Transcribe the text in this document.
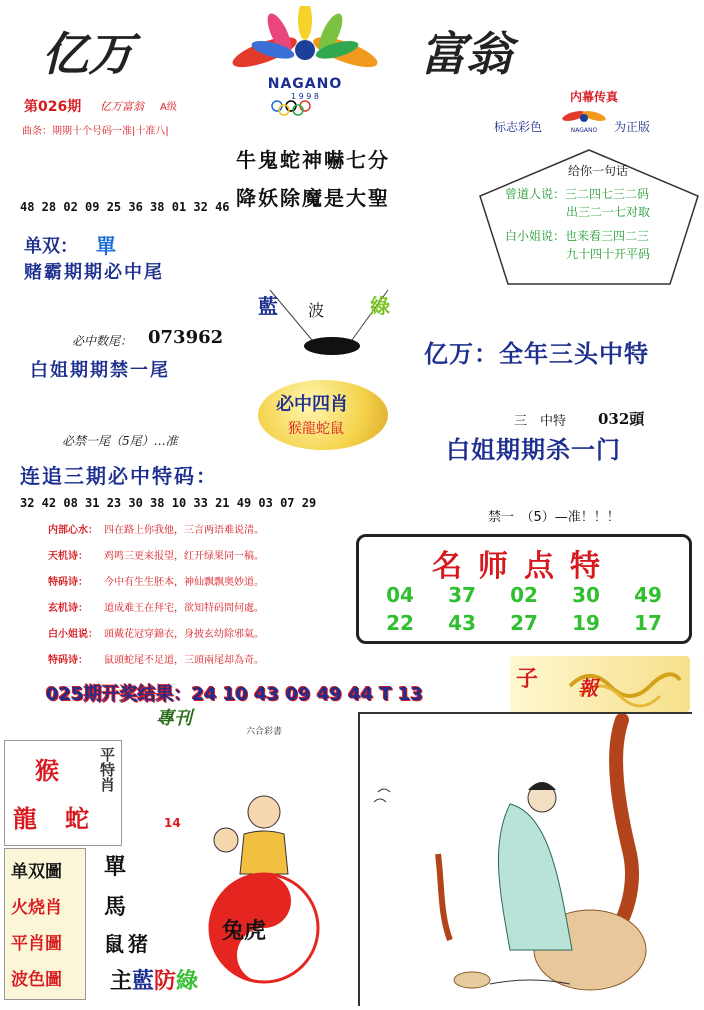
亿万	富翁
NAGANO
1 9 9 8
第026期 亿万富翁 A级
曲条：期期十个号码一准|十准八|
内幕传真
标志彩色	NAGANO 为正版
牛鬼蛇神嚇七分
降妖除魔是大聖
给你一句话
曾道人说：三二四七三二码
出三二一七对取
白小姐说：也来看三四二三
九十四十开平码
48 28 02 09 25 36 38 01 32 46
单双： 單
赌霸期期必中尾
藍 波 綠
必中数尾： 073962
亿万：全年三头中特
白姐期期禁一尾
必中四肖
猴龍蛇鼠	三　中特 032頭
必禁一尾（5尾）…准	白姐期期杀一门
连追三期必中特码：
32 42 08 31 23 30 38 10 33 21 49 03 07 29
禁一　（5）—准！！！
内部心水： 四在路上你我他，三言两语难说清。
天机诗： 鸡鸣三更来报望，红开绿果同一稿。
特码诗： 今中有生生胚本，神仙飘飘奥妙道。
玄机诗： 道成难王在拜宅，欲知特码問何處。
白小姐说： 頭戴花冠穿錦衣，身披玄幼除邪氣。
特码诗： 鼠頭蛇尾不足道，三頭兩尾却為奇。
名师点特
04 37 02 30 49
22 43 27 19 17
025期开奖结果：24 10 43 09 49 44 T 13
專刊
六合彩書
子 報
猴
龍 蛇
平特肖
14
单双圖
火烧肖
平肖圖
波色圖
單
馬
鼠猪	兔虎
主藍防綠
